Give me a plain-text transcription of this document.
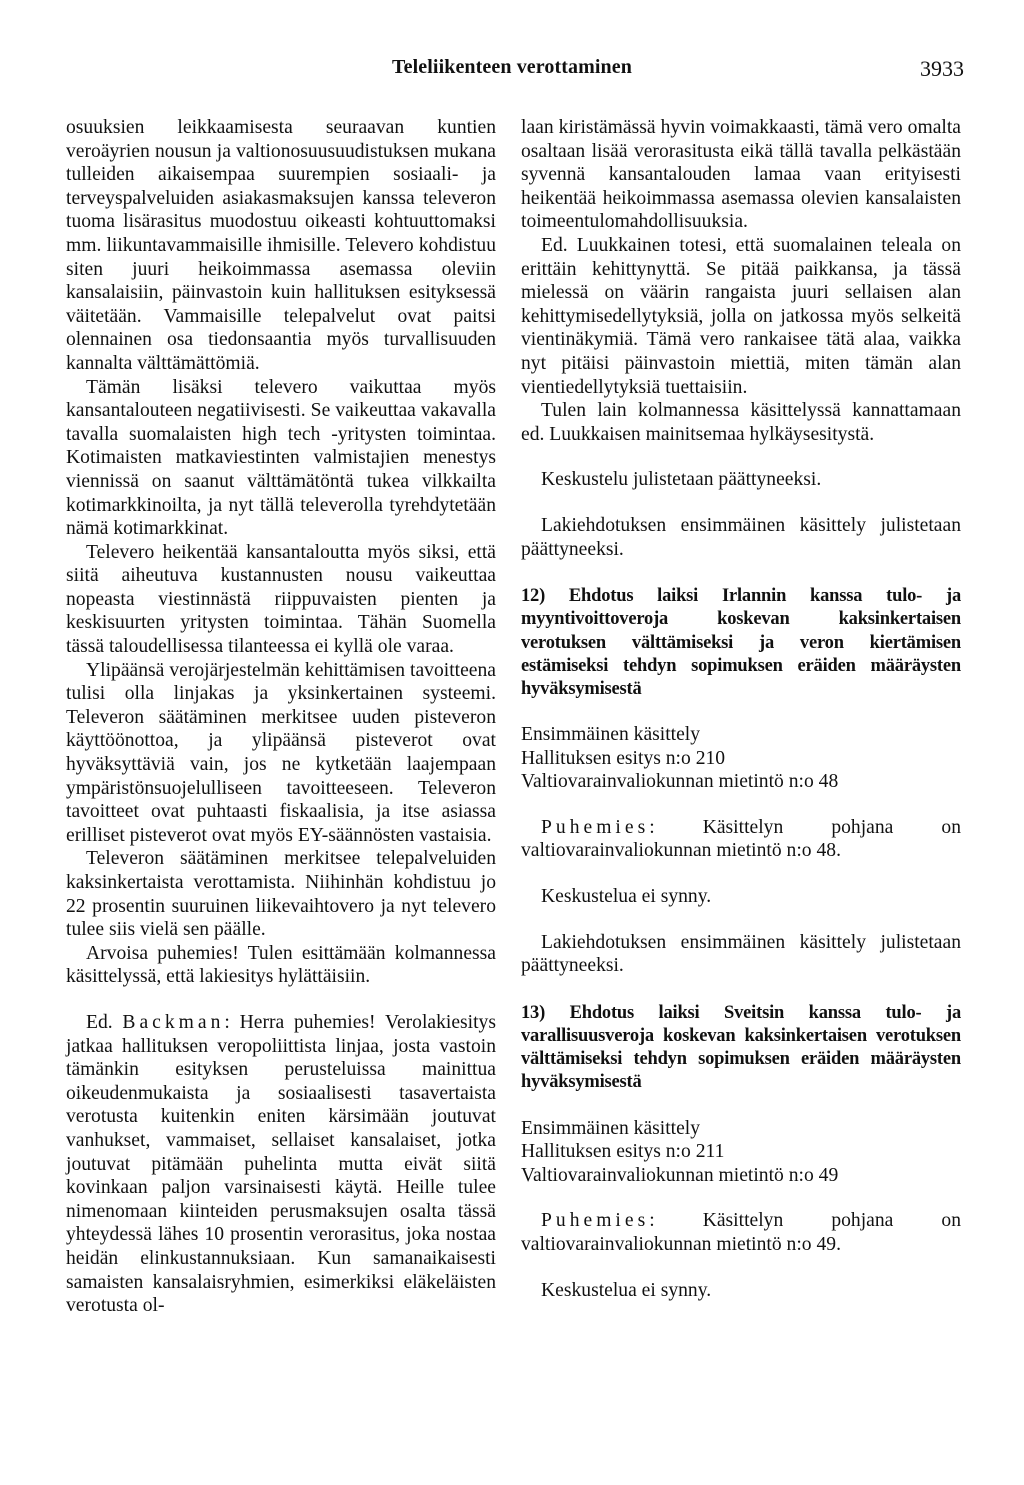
Teleliikenteen verottaminen	3933

osuuksien leikkaamisesta seuraavan kuntien veroäyrien nousun ja valtionosuusuudistuksen mukana tulleiden aikaisempaa suurempien sosiaali- ja terveyspalveluiden asiakasmaksujen kanssa televeron tuoma lisärasitus muodostuu oikeasti kohtuuttomaksi mm. liikuntavammaisille ihmisille. Televero kohdistuu siten juuri heikoimmassa asemassa oleviin kansalaisiin, päinvastoin kuin hallituksen esityksessä väitetään. Vammaisille telepalvelut ovat paitsi olennainen osa tiedonsaantia myös turvallisuuden kannalta välttämättömiä.

Tämän lisäksi televero vaikuttaa myös kansantalouteen negatiivisesti. Se vaikeuttaa vakavalla tavalla suomalaisten high tech -yritysten toimintaa. Kotimaisten matkaviestinten valmistajien menestys viennissä on saanut välttämätöntä tukea vilkkailta kotimarkkinoilta, ja nyt tällä televerolla tyrehdytetään nämä kotimarkkinat.

Televero heikentää kansantaloutta myös siksi, että siitä aiheutuva kustannusten nousu vaikeuttaa nopeasta viestinnästä riippuvaisten pienten ja keskisuurten yritysten toimintaa. Tähän Suomella tässä taloudellisessa tilanteessa ei kyllä ole varaa.

Ylipäänsä verojärjestelmän kehittämisen tavoitteena tulisi olla linjakas ja yksinkertainen systeemi. Televeron säätäminen merkitsee uuden pisteveron käyttöönottoa, ja ylipäänsä pisteverot ovat hyväksyttäviä vain, jos ne kytketään laajempaan ympäristönsuojelulliseen tavoitteeseen. Televeron tavoitteet ovat puhtaasti fiskaalisia, ja itse asiassa erilliset pisteverot ovat myös EY-säännösten vastaisia.

Televeron säätäminen merkitsee telepalveluiden kaksinkertaista verottamista. Niihinhän kohdistuu jo 22 prosentin suuruinen liikevaihtovero ja nyt televero tulee siis vielä sen päälle.

Arvoisa puhemies! Tulen esittämään kolmannessa käsittelyssä, että lakiesitys hylättäisiin.

Ed. Backman: Herra puhemies! Verolakiesitys jatkaa hallituksen veropoliittista linjaa, josta vastoin tämänkin esityksen perusteluissa mainittua oikeudenmukaista ja sosiaalisesti tasavertaista verotusta kuitenkin eniten kärsimään joutuvat vanhukset, vammaiset, sellaiset kansalaiset, jotka joutuvat pitämään puhelinta mutta eivät siitä kovinkaan paljon varsinaisesti käytä. Heille tulee nimenomaan kiinteiden perusmaksujen osalta tässä yhteydessä lähes 10 prosentin verorasitus, joka nostaa heidän elinkustannuksiaan. Kun samanaikaisesti samaisten kansalaisryhmien, esimerkiksi eläkeläisten verotusta ol-

laan kiristämässä hyvin voimakkaasti, tämä vero omalta osaltaan lisää verorasitusta eikä tällä tavalla pelkästään syvennä kansantalouden lamaa vaan erityisesti heikentää heikoimmassa asemassa olevien kansalaisten toimeentulomahdollisuuksia.

Ed. Luukkainen totesi, että suomalainen teleala on erittäin kehittynyttä. Se pitää paikkansa, ja tässä mielessä on väärin rangaista juuri sellaisen alan kehittymisedellytyksiä, jolla on jatkossa myös selkeitä vientinäkymiä. Tämä vero rankaisee tätä alaa, vaikka nyt pitäisi päinvastoin miettiä, miten tämän alan vientiedellytyksiä tuettaisiin.

Tulen lain kolmannessa käsittelyssä kannattamaan ed. Luukkaisen mainitsemaa hylkäysesitystä.

Keskustelu julistetaan päättyneeksi.

Lakiehdotuksen ensimmäinen käsittely julistetaan päättyneeksi.

12) Ehdotus laiksi Irlannin kanssa tulo- ja myyntivoittoveroja koskevan kaksinkertaisen verotuksen välttämiseksi ja veron kiertämisen estämiseksi tehdyn sopimuksen eräiden määräysten hyväksymisestä

Ensimmäinen käsittely
Hallituksen esitys n:o 210
Valtiovarainvaliokunnan mietintö n:o 48

Puhemies: Käsittelyn pohjana on valtiovarainvaliokunnan mietintö n:o 48.

Keskustelua ei synny.

Lakiehdotuksen ensimmäinen käsittely julistetaan päättyneeksi.

13) Ehdotus laiksi Sveitsin kanssa tulo- ja varallisuusveroja koskevan kaksinkertaisen verotuksen välttämiseksi tehdyn sopimuksen eräiden määräysten hyväksymisestä

Ensimmäinen käsittely
Hallituksen esitys n:o 211
Valtiovarainvaliokunnan mietintö n:o 49

Puhemies: Käsittelyn pohjana on valtiovarainvaliokunnan mietintö n:o 49.

Keskustelua ei synny.
